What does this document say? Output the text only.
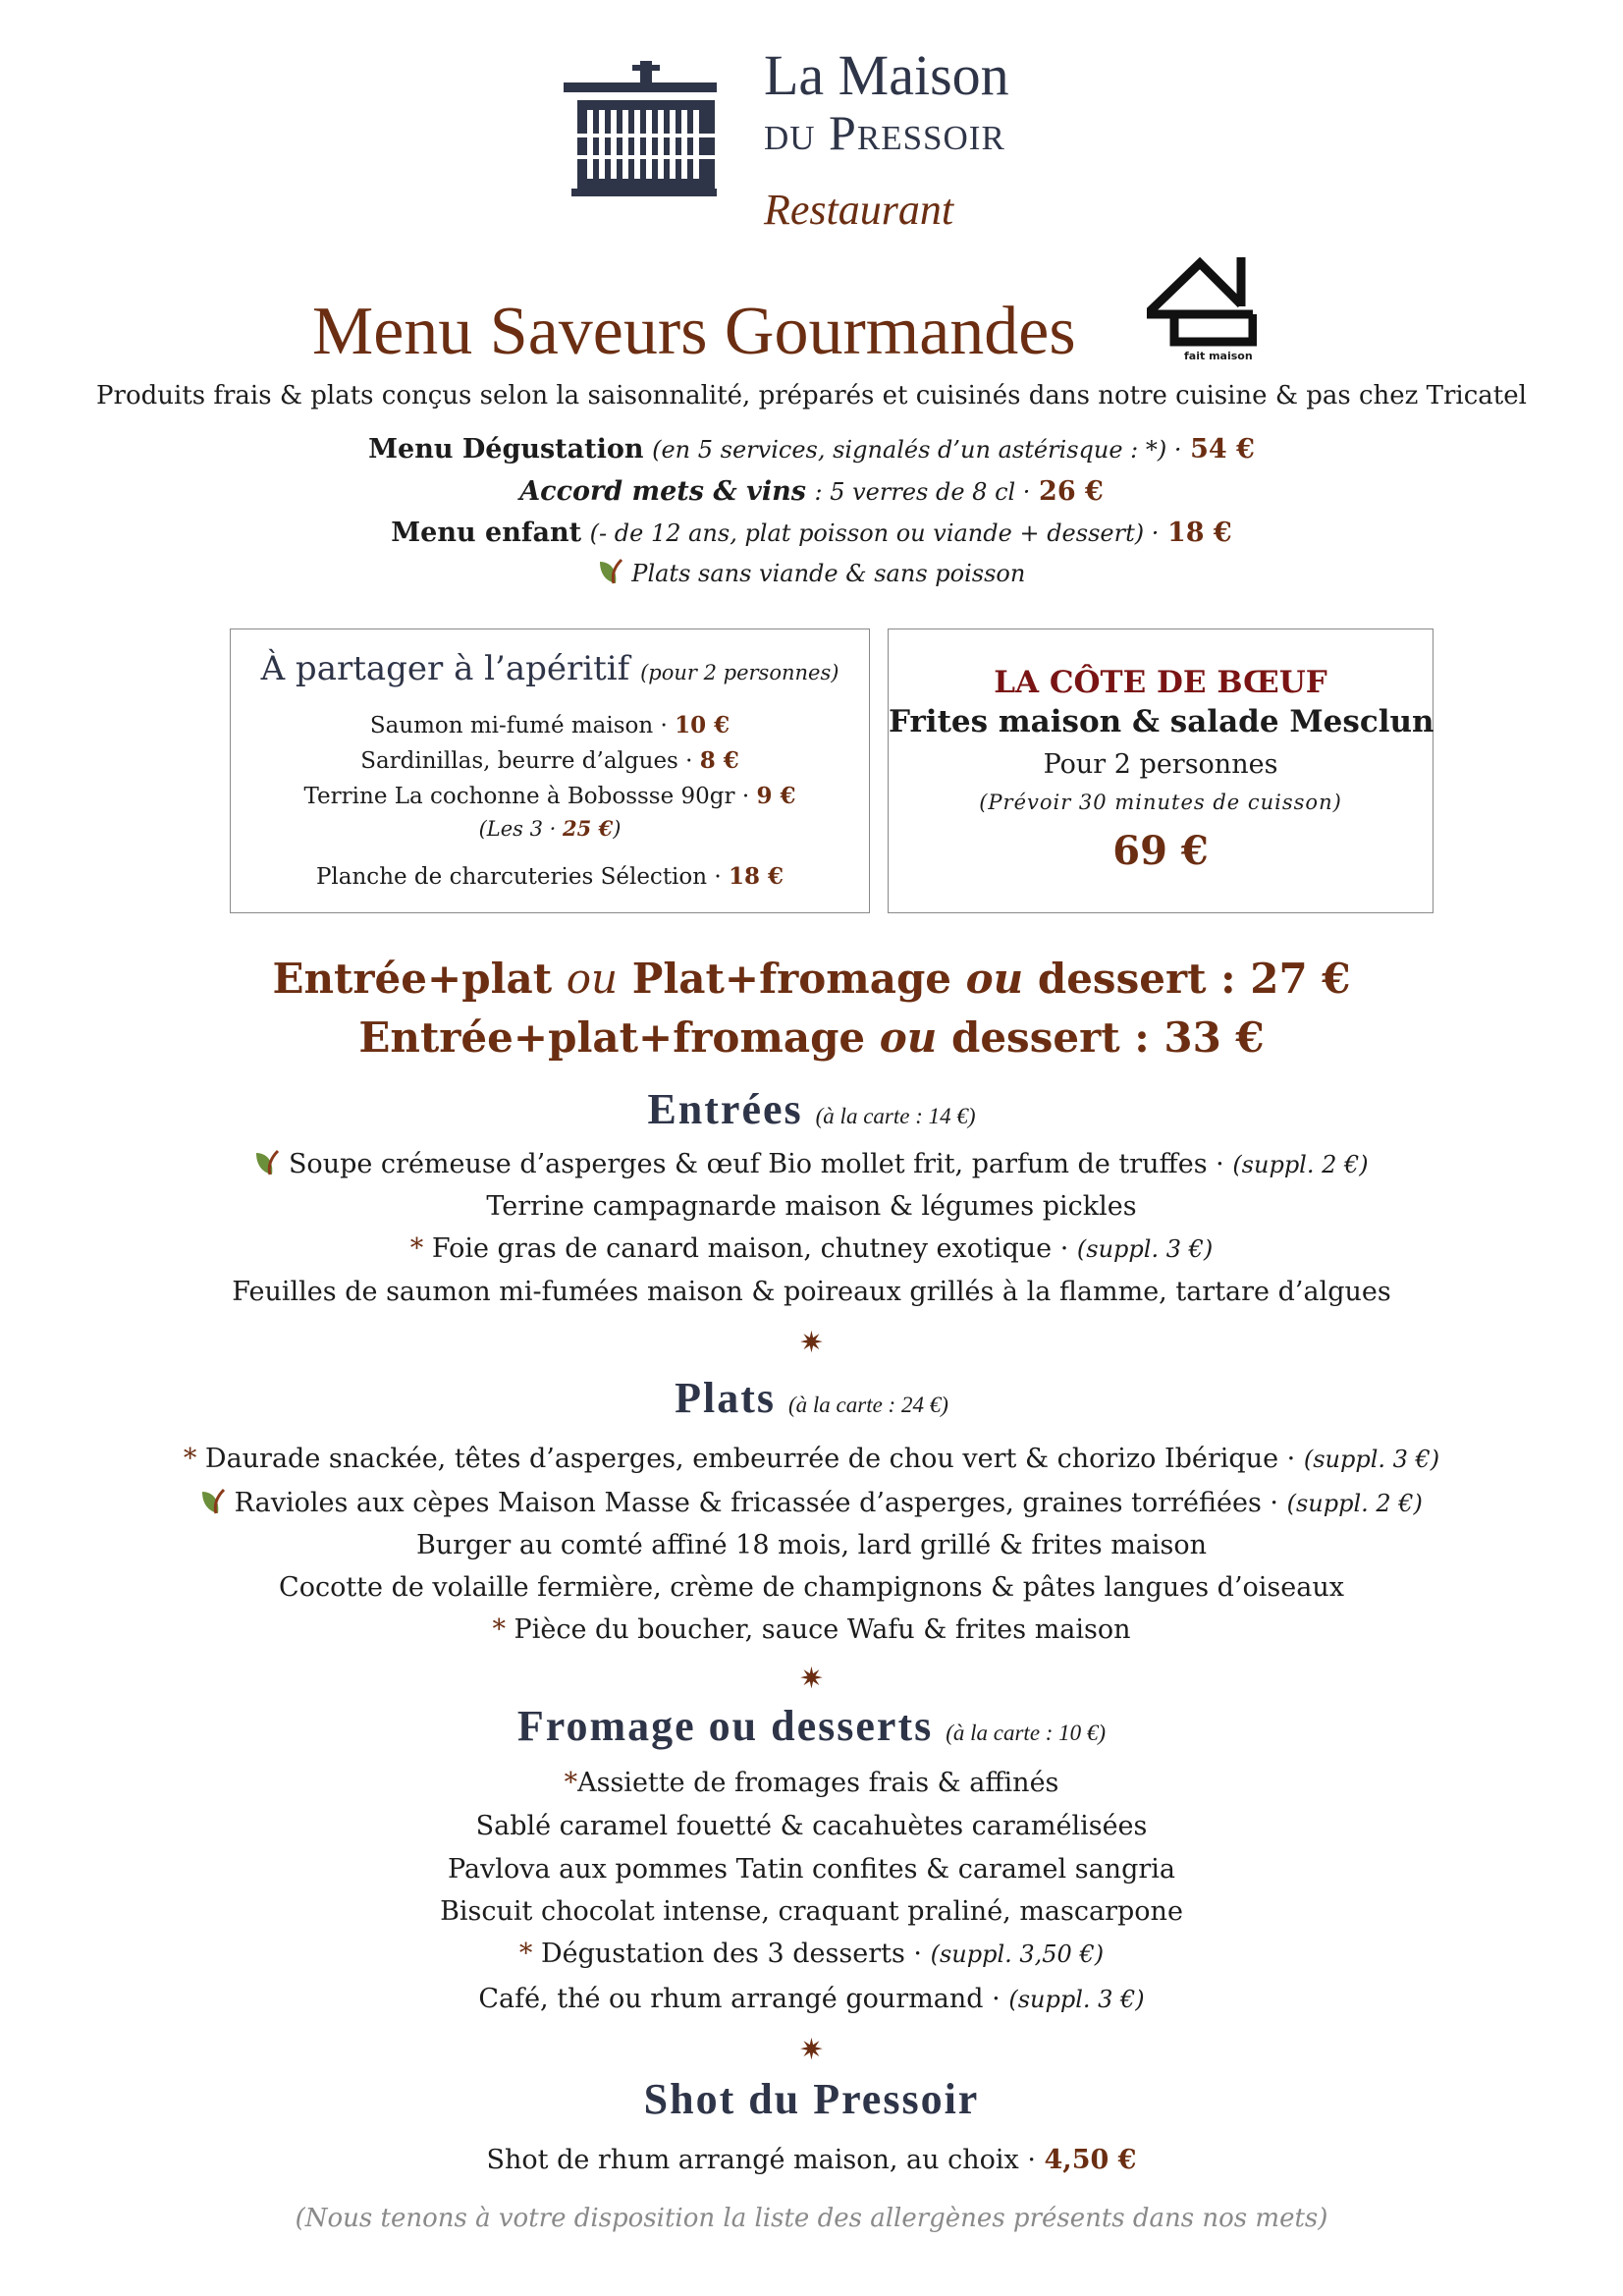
La Maison
du Pressoir
Restaurant
Menu Saveurs Gourmandes	fait maison
Produits frais & plats conçus selon la saisonnalité, préparés et cuisinés dans notre cuisine & pas chez Tricatel
Menu Dégustation (en 5 services, signalés d’un astérisque : *) · 54 €
Accord mets & vins : 5 verres de 8 cl · 26 €
Menu enfant (- de 12 ans, plat poisson ou viande + dessert) · 18 €
Plats sans viande & sans poisson
À partager à l’apéritif (pour 2 personnes)
Saumon mi-fumé maison · 10 €
Sardinillas, beurre d’algues · 8 €
Terrine La cochonne à Bobossse 90gr · 9 €
(Les 3 · 25 €)
Planche de charcuteries Sélection · 18 €
LA CÔTE DE BŒUF
Frites maison & salade Mesclun
Pour 2 personnes
(Prévoir 30 minutes de cuisson)
69 €
Entrée+plat ou Plat+fromage ou dessert : 27 €
Entrée+plat+fromage ou dessert : 33 €
Entrées (à la carte : 14 €)
Soupe crémeuse d’asperges & œuf Bio mollet frit, parfum de truffes · (suppl. 2 €)
Terrine campagnarde maison & légumes pickles
* Foie gras de canard maison, chutney exotique · (suppl. 3 €)
Feuilles de saumon mi-fumées maison & poireaux grillés à la flamme, tartare d’algues
✷
Plats (à la carte : 24 €)
* Daurade snackée, têtes d’asperges, embeurrée de chou vert & chorizo Ibérique · (suppl. 3 €)
Ravioles aux cèpes Maison Masse & fricassée d’asperges, graines torréfiées · (suppl. 2 €)
Burger au comté affiné 18 mois, lard grillé & frites maison
Cocotte de volaille fermière, crème de champignons & pâtes langues d’oiseaux
* Pièce du boucher, sauce Wafu & frites maison
✷
Fromage ou desserts (à la carte : 10 €)
*Assiette de fromages frais & affinés
Sablé caramel fouetté & cacahuètes caramélisées
Pavlova aux pommes Tatin confites & caramel sangria
Biscuit chocolat intense, craquant praliné, mascarpone
* Dégustation des 3 desserts · (suppl. 3,50 €)
Café, thé ou rhum arrangé gourmand · (suppl. 3 €)
✷
Shot du Pressoir
Shot de rhum arrangé maison, au choix · 4,50 €
(Nous tenons à votre disposition la liste des allergènes présents dans nos mets)
